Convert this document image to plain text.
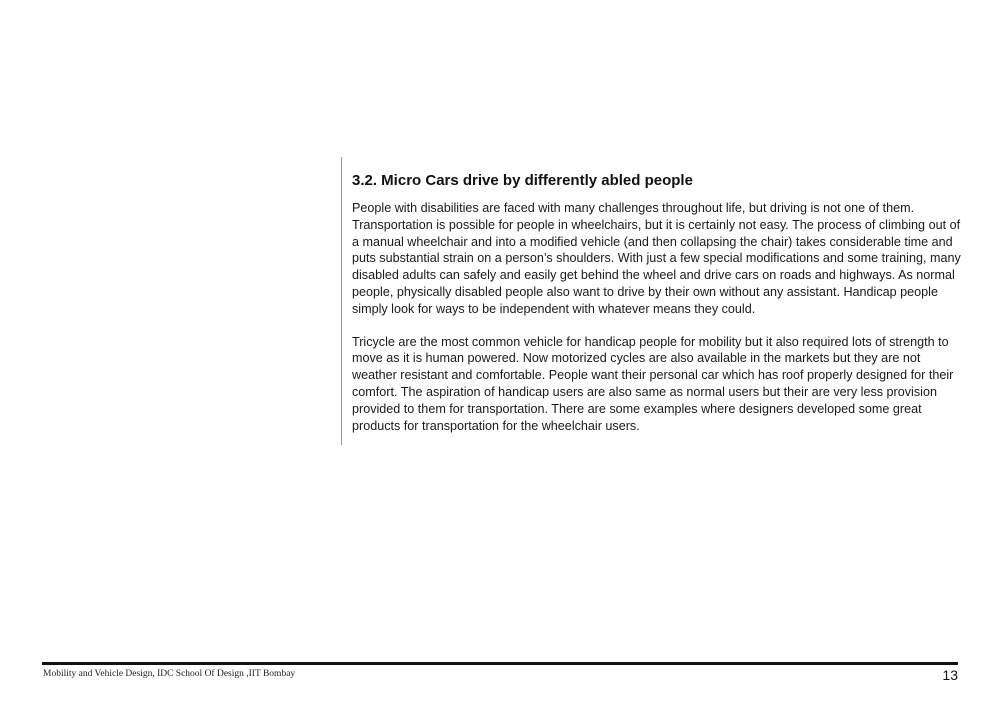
3.2. Micro Cars drive by differently abled people

People with disabilities are faced with many challenges throughout life, but driving is not one of them. Transportation is possible for people in wheelchairs, but it is certainly not easy. The process of climbing out of a manual wheelchair and into a modified vehicle (and then collapsing the chair) takes considerable time and puts substantial strain on a person’s shoulders. With just a few special modifications and some training, many disabled adults can safely and easily get behind the wheel and drive cars on roads and highways. As normal people, physically disabled people also want to drive by their own without any assistant. Handicap people simply look for ways to be independent with whatever means they could.

Tricycle are the most common vehicle for handicap people for mobility but it also required lots of strength to move as it is human powered. Now motorized cycles are also available in the markets but they are not weather resistant and comfortable. People want their personal car which has roof properly designed for their comfort. The aspiration of handicap users are also same as normal users but their are very less provision provided to them for transportation. There are some examples where designers developed some great products for transportation for the wheelchair users.

Mobility and Vehicle Design, IDC School Of Design ,IIT Bombay	13
